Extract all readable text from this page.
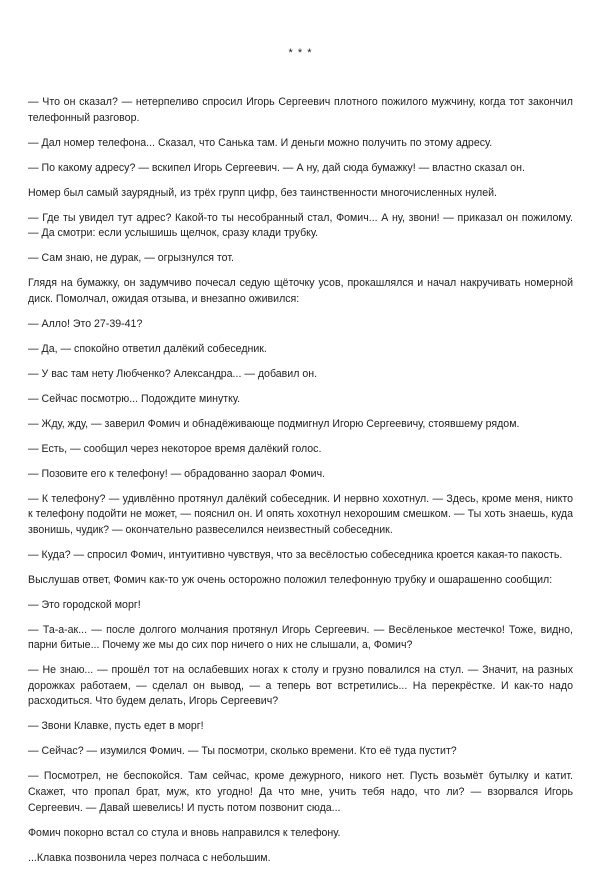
* * *

— Что он сказал? — нетерпеливо спросил Игорь Сергеевич плотного пожилого мужчину, когда тот закончил телефонный разговор.

— Дал номер телефона... Сказал, что Санька там. И деньги можно получить по этому адресу.

— По какому адресу? — вскипел Игорь Сергеевич. — А ну, дай сюда бумажку! — властно сказал он.

Номер был самый заурядный, из трёх групп цифр, без таинственности многочисленных нулей.

— Где ты увидел тут адрес? Какой-то ты несобранный стал, Фомич... А ну, звони! — приказал он пожилому. — Да смотри: если услышишь щелчок, сразу клади трубку.

— Сам знаю, не дурак, — огрызнулся тот.

Глядя на бумажку, он задумчиво почесал седую щёточку усов, прокашлялся и начал накручивать номерной диск. Помолчал, ожидая отзыва, и внезапно оживился:

— Алло! Это 27-39-41?

— Да, — спокойно ответил далёкий собеседник.

— У вас там нету Любченко? Александра... — добавил он.

— Сейчас посмотрю... Подождите минутку.

— Жду, жду, — заверил Фомич и обнадёживающе подмигнул Игорю Сергеевичу, стоявшему рядом.

— Есть, — сообщил через некоторое время далёкий голос.

— Позовите его к телефону! — обрадованно заорал Фомич.

— К телефону? — удивлённо протянул далёкий собеседник. И нервно хохотнул. — Здесь, кроме меня, никто к телефону подойти не может, — пояснил он. И опять хохотнул нехорошим смешком. — Ты хоть знаешь, куда звонишь, чудик? — окончательно развеселился неизвестный собеседник.

— Куда? — спросил Фомич, интуитивно чувствуя, что за весёлостью собеседника кроется какая-то пакость.

Выслушав ответ, Фомич как-то уж очень осторожно положил телефонную трубку и ошарашенно сообщил:

— Это городской морг!

— Та-а-ак... — после долгого молчания протянул Игорь Сергеевич. — Весёленькое местечко! Тоже, видно, парни битые... Почему же мы до сих пор ничего о них не слышали, а, Фомич?

— Не знаю... — прошёл тот на ослабевших ногах к столу и грузно повалился на стул. — Значит, на разных дорожках работаем, — сделал он вывод, — а теперь вот встретились... На перекрёстке. И как-то надо расходиться. Что будем делать, Игорь Сергеевич?

— Звони Клавке, пусть едет в морг!

— Сейчас? — изумился Фомич. — Ты посмотри, сколько времени. Кто её туда пустит?

— Посмотрел, не беспокойся. Там сейчас, кроме дежурного, никого нет. Пусть возьмёт бутылку и катит. Скажет, что пропал брат, муж, кто угодно! Да что мне, учить тебя надо, что ли? — взорвался Игорь Сергеевич. — Давай шевелись! И пусть потом позвонит сюда...

Фомич покорно встал со стула и вновь направился к телефону.

...Клавка позвонила через полчаса с небольшим.
